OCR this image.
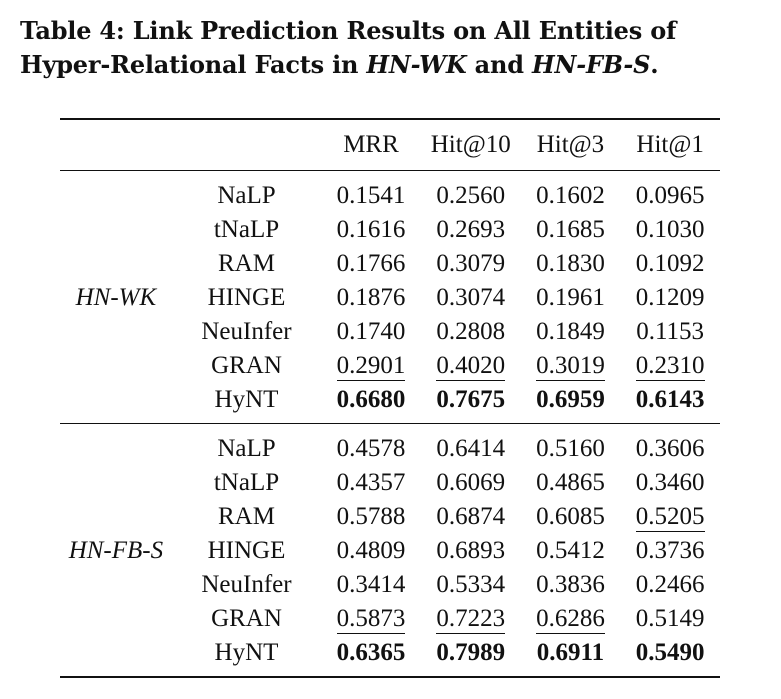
Table 4: Link Prediction Results on All Entities of Hyper-Relational Facts in HN-WK and HN-FB-S.
		MRR	Hit@10	Hit@3	Hit@1
	NaLP	0.1541	0.2560	0.1602	0.0965
	tNaLP	0.1616	0.2693	0.1685	0.1030
	RAM	0.1766	0.3079	0.1830	0.1092
HN-WK	HINGE	0.1876	0.3074	0.1961	0.1209
	NeuInfer	0.1740	0.2808	0.1849	0.1153
	GRAN	0.2901	0.4020	0.3019	0.2310
	HyNT	0.6680	0.7675	0.6959	0.6143
	NaLP	0.4578	0.6414	0.5160	0.3606
	tNaLP	0.4357	0.6069	0.4865	0.3460
	RAM	0.5788	0.6874	0.6085	0.5205
HN-FB-S	HINGE	0.4809	0.6893	0.5412	0.3736
	NeuInfer	0.3414	0.5334	0.3836	0.2466
	GRAN	0.5873	0.7223	0.6286	0.5149
	HyNT	0.6365	0.7989	0.6911	0.5490
